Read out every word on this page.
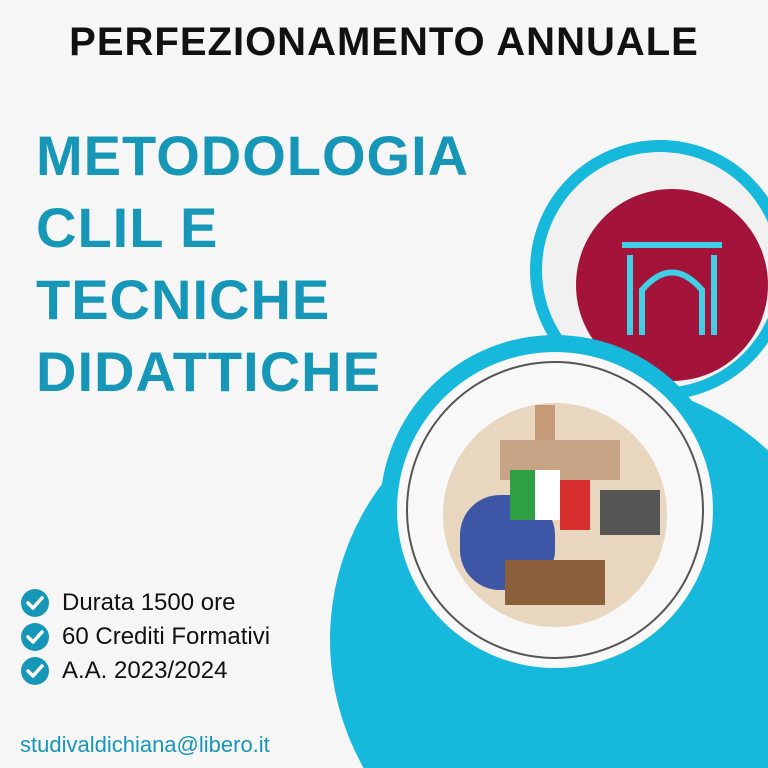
PERFEZIONAMENTO ANNUALE
METODOLOGIA
CLIL E
TECNICHE
DIDATTICHE
Durata 1500 ore
60 Crediti Formativi
A.A. 2023/2024
studivaldichiana@libero.it
